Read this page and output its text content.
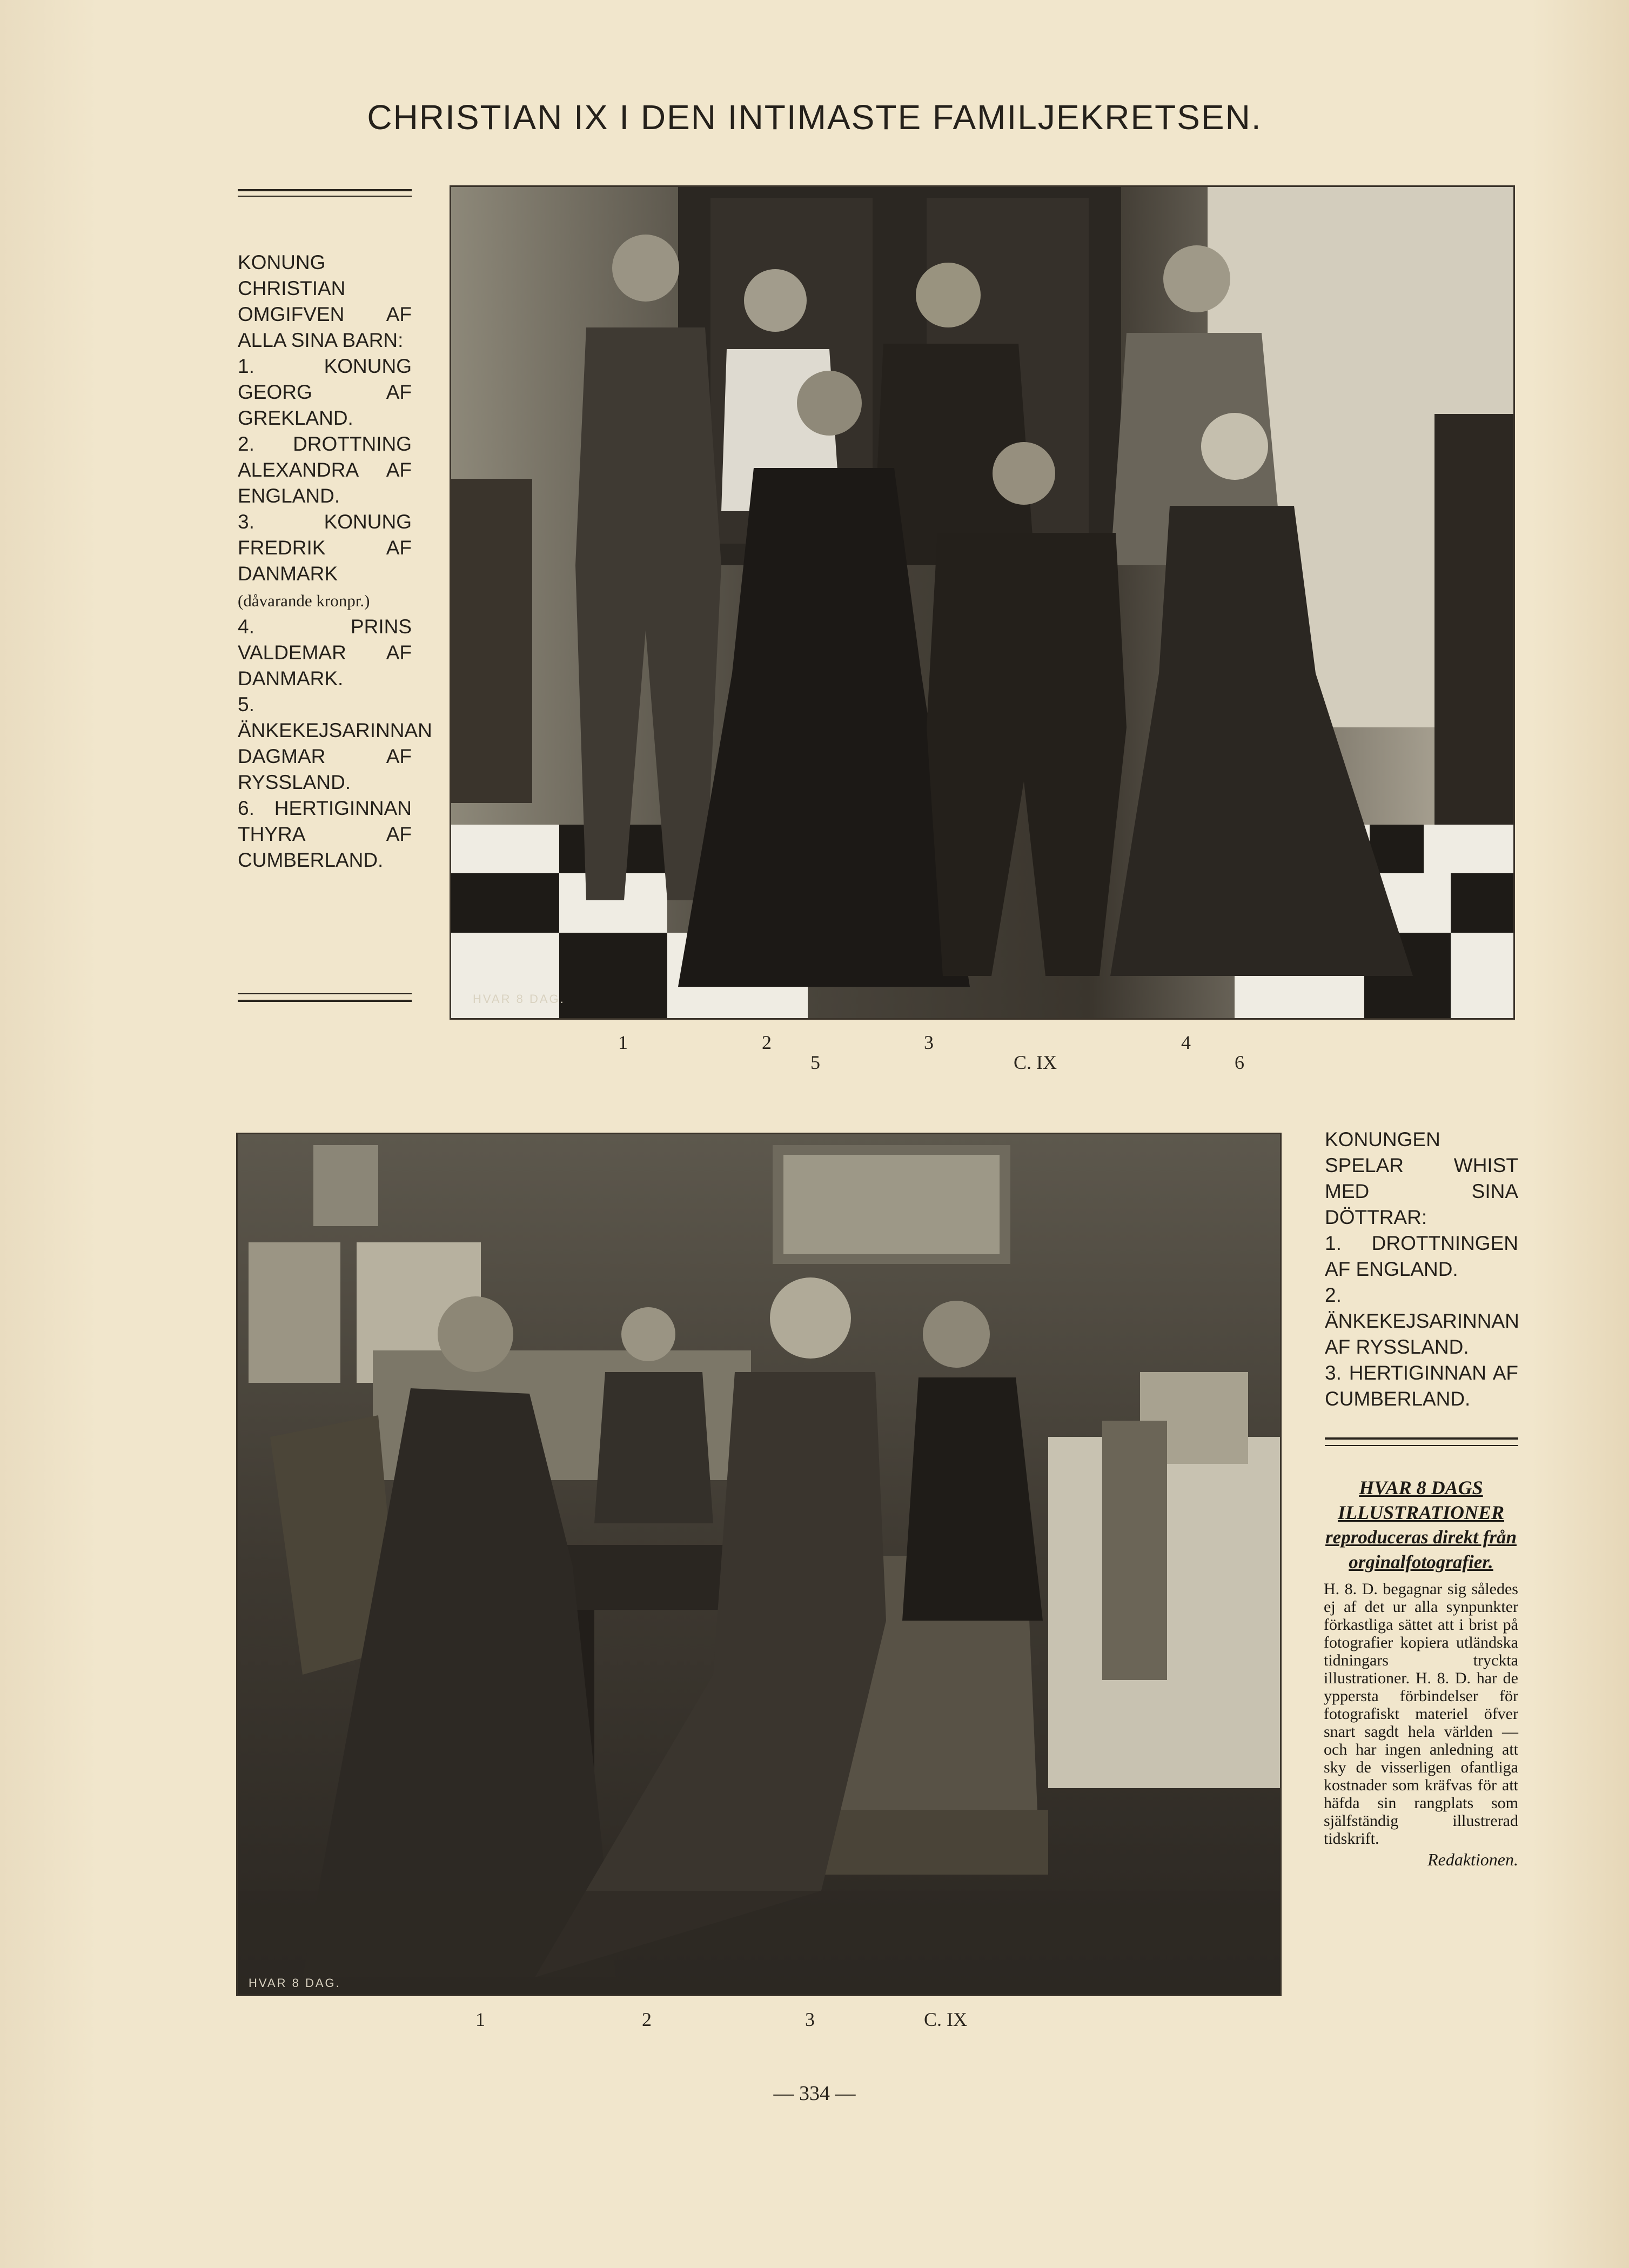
CHRISTIAN IX I DEN INTIMASTE FAMILJEKRETSEN.
KONUNG CHRISTIAN OMGIFVEN AF ALLA SINA BARN:
1. KONUNG GEORG AF GREKLAND.
2. DROTTNING ALEXANDRA AF ENGLAND.
3. KONUNG FREDRIK AF DANMARK (dåvarande kronpr.)
4. PRINS VALDEMAR AF DANMARK.
5. ÄNKEKEJSARINNAN DAGMAR AF RYSSLAND.
6. HERTIGINNAN THYRA AF CUMBERLAND.
HVAR 8 DAG.
1	2
5
3
C. IX
4
6
HVAR 8 DAG.
1	2	3	C. IX
KONUNGEN SPELAR WHIST MED SINA DÖTTRAR:
1. DROTTNINGEN AF ENGLAND.
2. ÄNKEKEJSARINNAN AF RYSSLAND.
3. HERTIGINNAN AF CUMBERLAND.
HVAR 8 DAGS ILLUSTRATIONER
reproduceras direkt från orginalfotografier.
H. 8. D. begagnar sig således ej af det ur alla synpunkter förkastliga sättet att i brist på fotografier kopiera utländska tidningars tryckta illustrationer. H. 8. D. har de yppersta förbindelser för fotografiskt materiel öfver snart sagdt hela världen — och har ingen anledning att sky de visserligen ofantliga kostnader som kräfvas för att häfda sin rangplats som själfständig illustrerad tidskrift.
Redaktionen.
— 334 —
